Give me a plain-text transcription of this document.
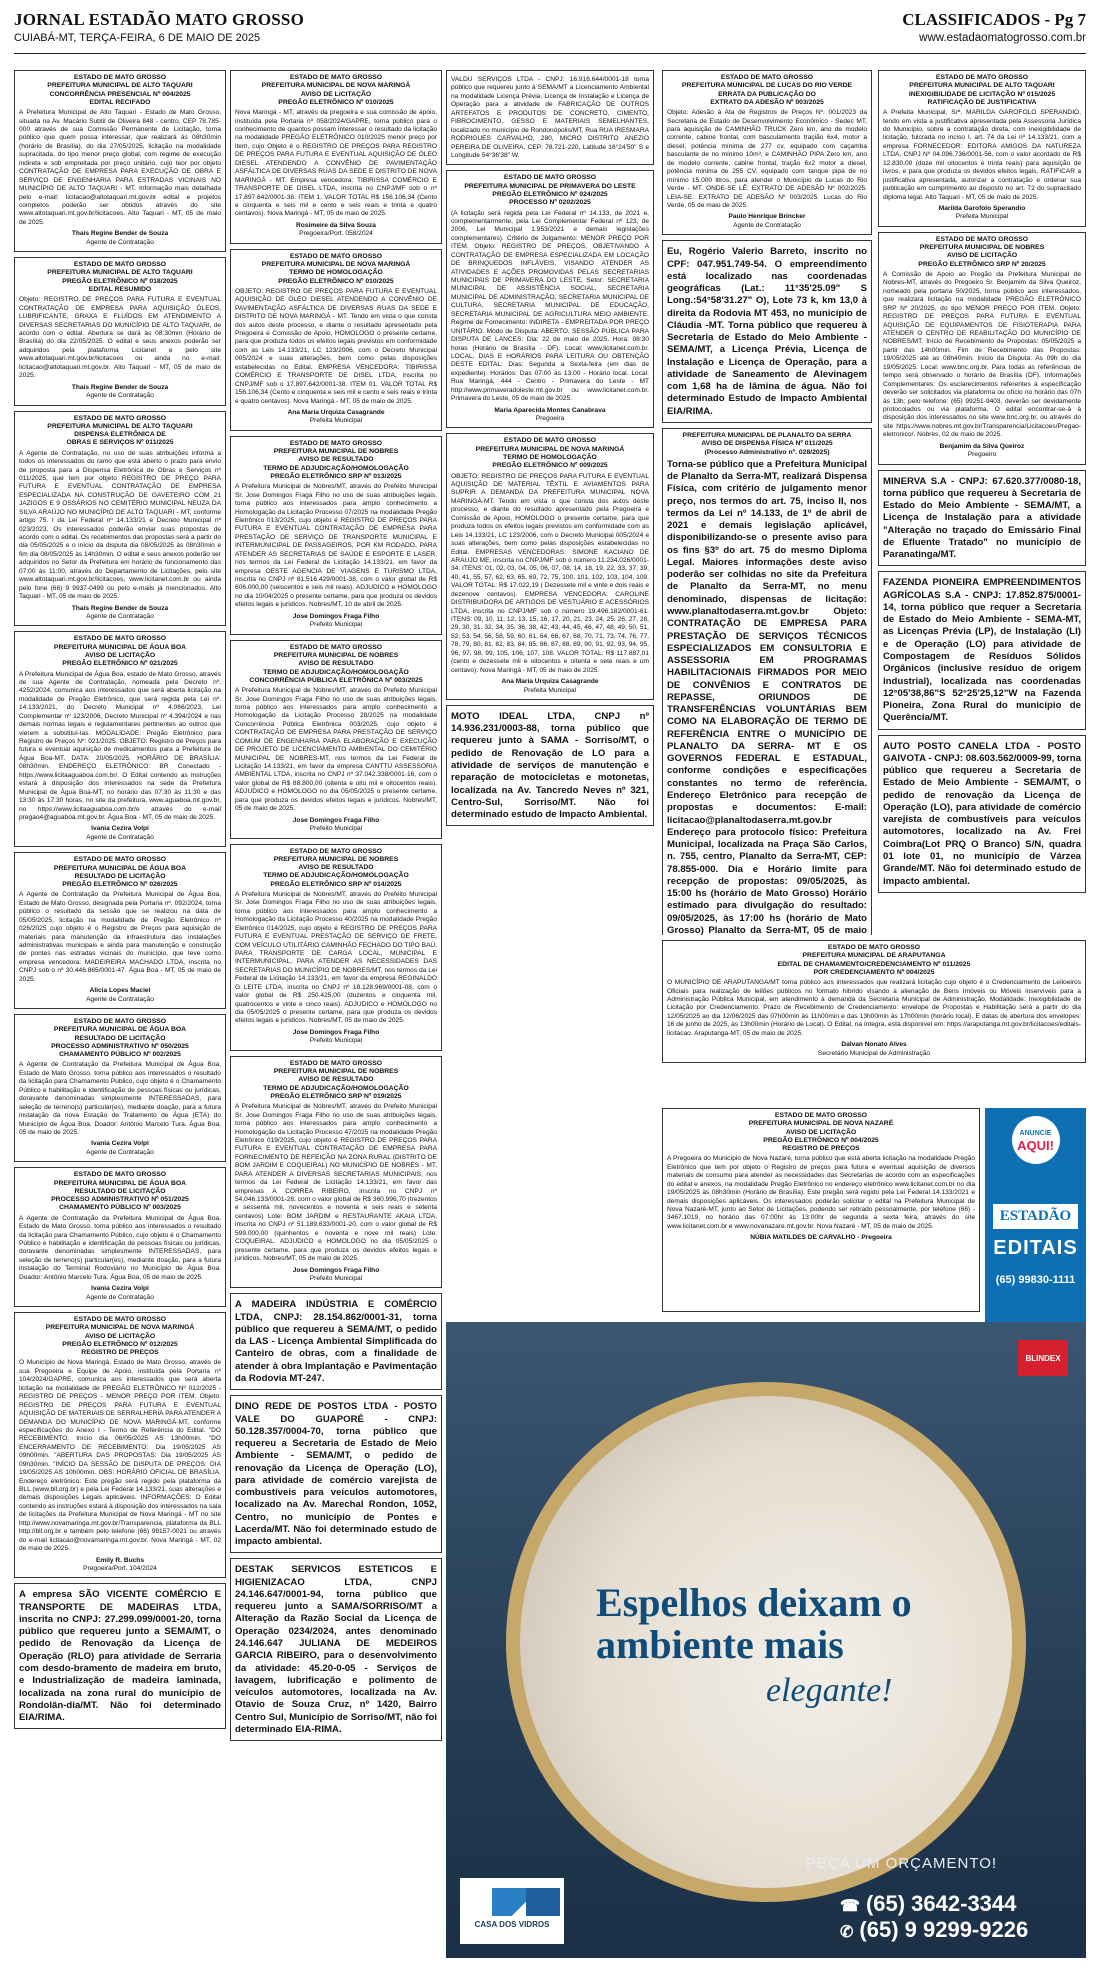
JORNAL ESTADÃO MATO GROSSO
CUIABÁ-MT, TERÇA-FEIRA, 6 DE MAIO DE 2025
CLASSIFICADOS - Pg 7
www.estadaomatogrosso.com.br
ESTADO DE MATO GROSSO
PREFEITURA MUNICIPAL DE ALTO TAQUARI
CONCORRÊNCIA PRESENCIAL Nº 004/2025
EDITAL RECIFADO
A Prefeitura Municipal de Alto Taquari - Estado de Mato Grosso, situada na Av. Macário Subtil de Oliveira 848 - centro, CEP 78.785-000 através de sua Comissão Permanente de Licitação, torna público que quem possa interessar, que realizará às 08h30min (horário de Brasília), do dia 27/05/2025, licitação na modalidade supracitada, do tipo menor preço global, com regime de execução indireta e sob empreitada por preço unitário, cujo teor por objeto CONTRATAÇÃO DE EMPRESA PARA EXECUÇÃO DE OBRA E SERVIÇO DE ENGENHARIA PARA ESTRADAS VICINAIS NO MUNICÍPIO DE ALTO TAQUARI - MT. Informação mais detalhada pelo e-mail: licitacao@altotaquari.mt.gov.br edital e projetos completos poderão ser obtidos através do site www.altotaquari.mt.gov.br/licitacoes. Alto Taquari - MT, 05 de maio de 2025.
Thaís Regine Bender de Souza
Agente de Contratação
ESTADO DE MATO GROSSO
PREFEITURA MUNICIPAL DE ALTO TAQUARI
PREGÃO ELETRÔNICO Nº 018/2025
EDITAL RESUMIDO
Objeto: REGISTRO DE PREÇOS PARA FUTURA E EVENTUAL CONTRATAÇÃO DE EMPRESA PARA AQUISIÇÃO ÓLEOS, LUBRIFICANTE, GRAXA E FLUÍDOS EM ATENDIMENTO A DIVERSAS SECRETARIAS DO MUNICÍPIO DE ALTO TAQUARI, de acordo com o edital. Abertura se dará às 08:30min (Horário de Brasília) do dia 22/05/2025. O edital e seus anexos poderão ser adquiridos pela plataforma Licitanet e pelo site www.altotaquari.mt.gov.br/licitacoes ou ainda no e-mail: licitacao@altotaquari.mt.gov.br. Alto Taquari - MT, 05 de maio de 2025.
Thaís Regine Bender de Souza
Agente de Contratação
ESTADO DE MATO GROSSO
PREFEITURA MUNICIPAL DE ALTO TAQUARI
DISPENSA ELETRÔNICA DE
OBRAS E SERVIÇOS Nº 011/2025
A Agente de Contratação, no uso de suas atribuições informa a todos os interessados do ramo que está aberto o prazo para envio de proposta para a Dispensa Eletrônica de Obras e Serviços nº 011/2025, que tem por objeto REGISTRO DE PREÇO PARA FUTURA E EVENTUAL CONTRATAÇÃO DE EMPRESA ESPECIALIZADA NA CONSTRUÇÃO DE GAVETEIRO COM 21 JAZIGOS E 9 OSSÁRIOS NO CEMITÉRIO MUNICIPAL NEUZA DA SILVA ARAÚJO NO MUNICÍPIO DE ALTO TAQUARI - MT, conforme artigo 75. I da Lei Federal nº 14.133/21 e Decreto Municipal nº 023/2023. Os interessados poderão enviar suas propostas de acordo com o edital. Os recebimentos das propostas será a partir do dia 05/05/2025 e o início da disputa dia 08/05/2025 às 08h30min e fim dia 08/05/2025 às 14h30min. O edital e seus anexos poderão ser adquiridos no Setor da Prefeitura em horário de funcionamento das 07:00 às 11:00, através do Departamento de Licitações, pelo site www.altotaquari.mt.gov.br/licitacoes, www.licitanet.com.br ou ainda pelo fone (66) 9 9937-0499 ou pelo e-mails já mencionados. Alto Taquari - MT, 05 de maio de 2025.
Thaís Regine Bender de Souza
Agente de Contratação
ESTADO DE MATO GROSSO
PREFEITURA MUNICIPAL DE ÁGUA BOA
AVISO DE LICITAÇÃO
PREGÃO ELETRÔNICO Nº 021/2025
A Prefeitura Municipal de Água Boa, estado de Mato Grosso, através de sua Agente de Contratação, nomeada pela Decreto nº. 4252/2024, comunica aos interessados que será aberta licitação na modalidade de Pregão Eletrônico, que será regida pela Lei nº. 14.133/2021, do Decreto Municipal nº 4.066/2023, Lei Complementar nº 123/2006, Decreto Municipal nº 4.394/2024 e nas demais normas legais e regulamentares pertinentes ao outros que vierem a substituí-las. MODALIDADE: Pregão Eletrônico para Registro de Preços Nº: 021/2025. OBJETO: Registro de Preços para futura e eventual aquisição de medicamentos para a Prefeitura de Água Boa-MT. DATA: 20/05/2025. HORÁRIO DE BRASÍLIA: 08h30min. ENDEREÇO ELETRÔNICO: BR Conectado - https://www.licitaaguaboa.com.br/. O Edital contendo as instruções estará à disposição dos interessados na sede da Prefeitura Municipal de Água Boa-MT, no horário das 07:30 às 11:30 e das 13:30 às 17:30 horas, no site da prefeitura, www.aguaboa.mt.gov.br, no https://www.licitaaguaboa.com.br/e através do e-mail pregao4@aguaboa.mt.gov.br. Água Boa - MT, 05 de maio de 2025.
Ivania Cezira Volpi
Agente de Contratação
ESTADO DE MATO GROSSO
PREFEITURA MUNICIPAL DE ÁGUA BOA
RESULTADO DE LICITAÇÃO
PREGÃO ELETRÔNICO Nº 026/2025
A Agente de Contratação da Prefeitura Municipal de Água Boa, Estado de Mato Grosso, designada pela Portaria nº. 092/2024, torna público o resultado da sessão que se realizou na data de 05/05/2025, licitação na modalidade de Pregão Eletrônico nº 026/2025 cujo objeto é o Registro de Preços para aquisição de materiais para manutenção da infraestrutura das instalações administrativas municipais e ainda para manutenção e construção de pontes nas estradas vicinais do município, que teve como empresa vencedora: MADEIREIRA MACHADO LTDA, inscrita no CNPJ sob o nº 30.446.865/0001-47. Água Boa - MT, 05 de maio de 2025.
Alicia Lopes Maciel
Agente de Contratação
ESTADO DE MATO GROSSO
PREFEITURA MUNICIPAL DE ÁGUA BOA
RESULTADO DE LICITAÇÃO
PROCESSO ADMINISTRATIVO Nº 050/2025
CHAMAMENTO PÚBLICO Nº 002/2025
A Agente de Contratação da Prefeitura Municipal de Água Boa, Estado de Mato Grosso, torna público aos interessados o resultado da licitação para Chamamento Público, cujo objeto é o Chamamento Público e habilitação e identificação de pessoas físicas ou jurídicas, doravante denominadas simplesmente INTERESSADAS, para seleção de terreno(s) particular(es), mediante doação, para a futura instalação da nova Estação de Tratamento de Água (ETA) do Município de Água Boa. Doador: Antônio Marcelo Tura. Água Boa, 05 de maio de 2025.
Ivania Cezira Volpi
Agente de Contratação
ESTADO DE MATO GROSSO
PREFEITURA MUNICIPAL DE ÁGUA BOA
RESULTADO DE LICITAÇÃO
PROCESSO ADMINISTRATIVO Nº 051/2025
CHAMAMENTO PÚBLICO Nº 003/2025
A Agente de Contratação da Prefeitura Municipal de Água Boa, Estado de Mato Grosso, torna público aos interessados o resultado da licitação para Chamamento Público, cujo objeto é o Chamamento Público e habilitação e identificação de pessoas físicas ou jurídicas, doravante denominadas simplesmente INTERESSADAS, para seleção de terreno(s) particular(es), mediante doação, para a futura instalação do Terminal Rodoviário no Município de Água Boa. Doador: Antônio Marcelo Tura. Água Boa, 05 de maio de 2025.
Ivania Cezira Volpi
Agente de Contratação
ESTADO DE MATO GROSSO
PREFEITURA MUNICIPAL DE NOVA MARINGÁ
AVISO DE LICITAÇÃO
PREGÃO ELETRÔNICO Nº 012/2025
REGISTRO DE PREÇOS
O Município de Nova Maringá, Estado de Mato Grosso, através de sua Pregoeira e Equipe de Apoio, instituída pela Portaria nº 104/2024/GAPRE, comunica aos interessados que será aberta licitação na modalidade de PREGÃO ELETRÔNICO Nº 012/2025 - REGISTRO DE PREÇOS - MENOR PREÇO POR ITEM. Objeto: REGISTRO DE PREÇOS PARA FUTURA E EVENTUAL AQUISIÇÃO DE MATERIAIS DE SERRALHERIA PARA ATENDER A DEMANDA DO MUNICÍPIO DE NOVA MARINGÁ-MT, conforme especificações do Anexo I - Termo de Referência do Edital. "DO RECEBIMENTO: Início dia 06/05/2025 AS 13h00min. "DO ENCERRAMENTO DE RECEBIMENTO: Dia 19/05/2025 AS 09h00min. "ABERTURA DAS PROPOSTAS: Dia 19/05/2025 AS 09h30min. "INÍCIO DA SESSÃO DE DISPUTA DE PREÇOS: DIA 19/05/2025 AS 10h00min. OBS: HORÁRIO OFICIAL DE BRASÍLIA. Endereço eletrônico: Este pregão será regido pela plataforma da BLL (www.bll.org.br) e pela Lei Federal 14.133/21, suas alterações e demais disposições Legais aplicáveis. INFORMAÇÕES: O Edital contendo as instruções estará à disposição dos interessados na sala de licitações da Prefeitura Municipal de Nova Maringá - MT no site http://www.novamaringa.mt.gov.br/Transparencia, plataforma da BLL http://bll.org.br e também pelo telefone (66) 98157-0021 ou através do e-mail licitacao@novamaringa.mt.gov.br. Nova Maringá - MT, 02 de maio de 2025.
Emily R. Buchs
Pregoeira/Port. 104/2024
A empresa SÃO VICENTE COMÉRCIO E TRANSPORTE DE MADEIRAS LTDA, inscrita no CNPJ: 27.299.099/0001-20, torna público que requereu junto a SEMA/MT, o pedido de Renovação da Licença de Operação (RLO) para atividade de Serraria com desdo-bramento de madeira em bruto, e Industrialização de madeira laminada, localizada na zona rural do município de Rondolân-dia/MT. Não foi determinado EIA/RIMA.
ESTADO DE MATO GROSSO
PREFEITURA MUNICIPAL DE NOVA MARINGÁ
AVISO DE LICITAÇÃO
PREGÃO ELETRÔNICO Nº 010/2025
Nova Maringá - MT, através da pregoeira e sua comissão de apoio, instituída pela Portaria nº 058/2024/GAPRE, torna público para o conhecimento de quantos possam interessar o resultado da licitação na modalidade PREGÃO ELETRÔNICO 010/2025 menor preço por item, cujo Objeto é o REGISTRO DE PREÇOS PARA REGISTRO DE PREÇOS PARA FUTURA E EVENTUAL AQUISIÇÃO DE ÓLEO DIESEL ATENDENDO A CONVÊNIO DE PAVIMENTAÇÃO ASFÁLTICA DE DIVERSAS RUAS DA SEDE E DISTRITO DE NOVA MARINGÁ - MT. Empresa vencedora: TIBIRISSA COMÉRCIO E TRANSPORTE DE DISEL LTDA, inscrita no CNPJ/MF sob o nº 17.897.642/0001-38. ITEM 1. VALOR TOTAL R$ 156.106,34 (Cento e cinquenta e seis mil e cento e seis reais e trinta e quatro centavos). Nova Maringá - MT, 05 de maio de 2025.
Rosimeire da Silva Souza
Pregoeira/Port. 058/2024
ESTADO DE MATO GROSSO
PREFEITURA MUNICIPAL DE NOVA MARINGÁ
TERMO DE HOMOLOGAÇÃO
PREGÃO ELETRÔNICO Nº 010/2025
OBJETO: REGISTRO DE PREÇOS PARA FUTURA E EVENTUAL AQUISIÇÃO DE ÓLEO DIESEL ATENDENDO A CONVÊNIO DE PAVIMENTAÇÃO ASFÁLTICA DE DIVERSAS RUAS DA SEDE E DISTRITO DE NOVA MARINGÁ - MT. Tendo em vista o que consta dos autos deste processo, e diante o resultado apresentado pela Pregoeira e Comissão de Apoio, HOMOLOGO o presente certame, para que produza todos os efeitos legais previstos em conformidade com as Leis 14.133/21, LC 123/2006, com o Decreto Municipal 005/2024 e suas alterações, bem como pelas disposições estabelecidas no Edital. EMPRESA VENCEDORA: TIBIRISSA COMÉRCIO E TRANSPORTE DE DISEL LTDA, inscrita no CNPJ/MF sob o 17.897.642/0001-38. ITEM 01. VALOR TOTAL R$ 156.106,34 (Cento e cinquenta e seis mil e cento e seis reais e trinta e quatro centavos). Nova Maringá - MT, 05 de maio de 2025.
Ana Maria Urquiza Casagrande
Prefeita Municipal
ESTADO DE MATO GROSSO
PREFEITURA MUNICIPAL DE NOBRES
AVISO DE RESULTADO
TERMO DE ADJUDICAÇÃO/HOMOLOGAÇÃO
PREGÃO ELETRÔNICO SRP Nº 013/2025
A Prefeitura Municipal de Nobres/MT, através do Prefeito Municipal Sr. Jose Domingos Fraga Filho no uso de suas atribuições legais, torna público aos interessados para amplo conhecimento a Homologação da Licitação Processo 07/2025 na modalidade Pregão Eletrônico 013/2025, cujo objeto é REGISTRO DE PREÇOS PARA FUTURA E EVENTUAL CONTRATAÇÃO DE EMPRESA PARA PRESTAÇÃO DE SERVIÇO DE TRANSPORTE MUNICIPAL E INTERMUNICIPAL DE PASSAGEIROS, POR KM RODADO, PARA ATENDER AS SECRETARIAS DE SAÚDE E ESPORTE E LASER, nos termos da Lei Federal de Licitação 14.133/21, em favor da empresa OESTE AGENCIA DE VIAGENS E TURISMO LTDA, inscrita no CNPJ nº 81.516.429/0001-38, com o valor global de R$ 606.000,00 (seiscentos e seis mil reais). ADJUDICO e HOMOLOGO no dia 10/04/2025 o presente certame, para que produza os devidos efeitos legais e jurídicos. Nobres/MT, 10 de abril de 2025.
Jose Domingos Fraga Filho
Prefeito Municipal
ESTADO DE MATO GROSSO
PREFEITURA MUNICIPAL DE NOBRES
AVISO DE RESULTADO
TERMO DE ADJUDICAÇÃO/HOMOLOGAÇÃO
CONCORRÊNCIA PÚBLICA ELETRÔNICA Nº 003/2025
A Prefeitura Municipal de Nobres/MT, através do Prefeito Municipal Sr. Jose Domingos Fraga Filho no uso de suas atribuições legais, torna público aos interessados para amplo conhecimento a Homologação da Licitação Processo 28/2025 na modalidade Concorrência Pública Eletrônica 003/2025, cujo objeto é CONTRATAÇÃO DE EMPRESA PARA PRESTAÇÃO DE SERVIÇO COMUM DE ENGENHARIA PARA ELABORAÇÃO E EXECUÇÃO DE PROJETO DE LICENCIAMENTO AMBIENTAL DO CEMITÉRIO MUNICIPAL DE NOBRES-MT, nos termos da Lei Federal de Licitação 14.133/21, em favor da empresa CANTTU ASSESSORIA AMBIENTAL LTDA, inscrita no CNPJ nº 37.042.338/0001-16, com o valor global de R$ 88.800,00 (oitenta e oito mil e oitocentos reais). ADJUDICO e HOMOLOGO no dia 05/05/2025 o presente certame, para que produza os devidos efeitos legais e jurídicos. Nobres/MT, 05 de maio de 2025.
Jose Domingos Fraga Filho
Prefeito Municipal
ESTADO DE MATO GROSSO
PREFEITURA MUNICIPAL DE NOBRES
AVISO DE RESULTADO
TERMO DE ADJUDICAÇÃO/HOMOLOGAÇÃO
PREGÃO ELETRÔNICO SRP Nº 014/2025
A Prefeitura Municipal de Nobres/MT, através do Prefeito Municipal Sr. Jose Domingos Fraga Filho no uso de suas atribuições legais, torna público aos interessados para amplo conhecimento a Homologação da Licitação Processo 40/2025 na modalidade Pregão Eletrônico 014/2025, cujo objeto é REGISTRO DE PREÇOS PARA FUTURA E EVENTUAL PRESTAÇÃO DE SERVIÇO DE FRETE, COM VEÍCULO UTILITÁRIO CAMINHÃO FECHADO DO TIPO BAÚ, PARA TRANSPORTE DE CARGA LOCAL, MUNICIPAL E INTERMUNICIPAL, PARA ATENDER AS NECESSIDADES DAS SECRETARIAS DO MUNICÍPIO DE NOBRES/MT, nos termos da Lei Federal de Licitação 14.133/21, em favor da empresa REGINALDO G LEITE LTDA, inscrita no CNPJ nº 18.128.969/0001-08, com o valor global de R$ 250.425,00 (duzentos e cinquenta mil, quatrocentos e vinte e cinco reais). ADJUDICO e HOMOLOGO no dia 05/05/2025 o presente certame, para que produza os devidos efeitos legais e jurídicos. Nobres/MT, 05 de maio de 2025.
Jose Domingos Fraga Filho
Prefeito Municipal
ESTADO DE MATO GROSSO
PREFEITURA MUNICIPAL DE NOBRES
AVISO DE RESULTADO
TERMO DE ADJUDICAÇÃO/HOMOLOGAÇÃO
PREGÃO ELETRÔNICO SRP Nº 019/2025
A Prefeitura Municipal de Nobres/MT, através do Prefeito Municipal Sr. Jose Domingos Fraga Filho no uso de suas atribuições legais, torna público aos interessados para amplo conhecimento a Homologação da Licitação Processo 47/2025 na modalidade Pregão Eletrônico 019/2025, cujo objeto é REGISTRO DE PREÇOS PARA FUTURA E EVENTUAL CONTRATAÇÃO DE EMPRESA PARA FORNECIMENTO DE REFEIÇÃO NA ZONA RURAL (DISTRITO DE BOM JARDIM E COQUEIRAL) NO MUNICÍPIO DE NOBRES - MT, PARA ATENDER A DIVERSAS SECRETARIAS MUNICIPAIS, nos termos da Lei Federal de Licitação 14.133/21, em favor das empresas A CORREA RIBEIRO, inscrita no CNPJ nº 54.046.133/0001-28, com o valor global de R$ 360.996,70 (trezentos e sessenta mil, novecentos e noventa e seis reais e setenta centavos) Lote: BOM JARDIM e RESTAURANTE AKAIA LTDA, inscrita no CNPJ nº 51.189.633/0001-20, com o valor global de R$ 599.000,00 (quinhentos e noventa e nove mil reais) Lote: COQUEIRAL. ADJUDICO e HOMOLOGO no dia 05/05/2025 o presente certame, para que produza os devidos efeitos legais e jurídicos. Nobres/MT, 05 de maio de 2025.
Jose Domingos Fraga Filho
Prefeito Municipal
A MADEIRA INDÚSTRIA E COMÉRCIO LTDA, CNPJ: 28.154.862/0001-31, torna público que requereu à SEMA/MT, o pedido da LAS - Licença Ambiental Simplificada do Canteiro de obras, com a finalidade de atender à obra Implantação e Pavimentação da Rodovia MT-247.
DINO REDE DE POSTOS LTDA - POSTO VALE DO GUAPORÉ - CNPJ: 50.128.357/0004-70, torna público que requereu a Secretaria de Estado de Meio Ambiente - SEMA/MT, o pedido de renovação da Licença de Operação (LO), para atividade de comércio varejista de combustíveis para veículos automotores, localizado na Av. Marechal Rondon, 1052, Centro, no município de Pontes e Lacerda/MT. Não foi determinado estudo de impacto ambiental.
DESTAK SERVICOS ESTETICOS E HIGIENIZACAO LTDA, CNPJ 24.146.647/0001-94, torna público que requereu junto a SAMA/SORRISO/MT a Alteração da Razão Social da Licença de Operação 0234/2024, antes denominado 24.146.647 JULIANA DE MEDEIROS GARCIA RIBEIRO, para o desenvolvimento da atividade: 45.20-0-05 - Serviços de lavagem, lubrificação e polimento de veículos automotores, localizada na Av. Otavio de Souza Cruz, nº 1420, Bairro Centro Sul, Município de Sorriso/MT, não foi determinado EIA-RIMA.
VALDU SERVIÇOS LTDA - CNPJ: 16.916.644/0001-18 torna público que requereu junto à SEMA/MT a Licenciamento Ambiental na modalidade Licença Prévia, Licença de Instalação e Licença de Operação para a atividade de FABRICAÇÃO DE OUTROS ARTEFATOS E PRODUTOS DE CONCRETO, CIMENTO, FIBROCIMENTO, GESSO E MATERIAIS SEMELHANTES, localizado no município de Rondonópolis/MT, Rua RUA IRESMARA RODRIGUES CARVALHO, 280, MICRO DISTRITO ANEZIO PEREIRA DE OLIVEIRA, CEP: 78.721-220, Latitude 16°24'50" S e Longitude 54°36'38" W.
ESTADO DE MATO GROSSO
PREFEITURA MUNICIPAL DE PRIMAVERA DO LESTE
PREGÃO ELETRÔNICO Nº 024/2025
PROCESSO Nº 0202/2025
(A licitação será regida pela Lei Federal nº 14.133, de 2021 e, complementarmente, pela Lei Complementar Federal nº 123, de 2006, Lei Municipal 1.953/2021 e demais legislações complementares). Critério de Julgamento: MENOR PREÇO POR ITEM. Objeto: REGISTRO DE PREÇOS, OBJETIVANDO A CONTRATAÇÃO DE EMPRESA ESPECIALIZADA EM LOCAÇÃO DE BRINQUEDOS INFLÁVEIS, VISANDO ATENDER AS ATIVIDADES E AÇÕES PROMOVIDAS PELAS SECRETARIAS MUNICIPAIS DE PRIMAVERA DO LESTE, Setor: SECRETARIA MUNICIPAL DE ASSISTÊNCIA SOCIAL, SECRETARIA MUNICIPAL DE ADMINISTRAÇÃO, SECRETARIA MUNICIPAL DE CULTURA, SECRETARIA MUNICIPAL DE EDUCAÇÃO, SECRETARIA MUNICIPAL DE AGRICULTURA MEIO AMBIENTE. Regime de Fornecimento: INDIRETA - EMPREITADA POR PREÇO UNITÁRIO. Modo de Disputa: ABERTO. SESSÃO PÚBLICA PARA DISPUTA DE LANCES: Dia: 22 de maio de 2025. Hora: 08:30 horas (Horário de Brasília - DF). Local: www.licitanet.com.br. LOCAL, DIAS E HORÁRIOS PARA LEITURA OU OBTENÇÃO DESTE EDITAL: Dias: Segunda a Sexta-feira (em dias de expediente). Horários: Das 07:00 às 13:00 - Horário local. Local: Rua Maringá, 444 - Centro - Primavera do Leste - MT http://www.primaveradoleste.mt.gov.br ou www.licitanet.com.br. Primavera do Leste, 05 de maio de 2025.
Maria Aparecida Montes Canabrava
Pregoeira
ESTADO DE MATO GROSSO
PREFEITURA MUNICIPAL DE NOVA MARINGÁ
TERMO DE HOMOLOGAÇÃO
PREGÃO ELETRÔNICO Nº 009/2025
OBJETO: REGISTRO DE PREÇOS PARA FUTURA E EVENTUAL AQUISIÇÃO DE MATERIAL TÊXTIL E AVIAMENTOS PARA SUPRIR A DEMANDA DA PREFEITURA MUNICIPAL NOVA MARINGÁ-MT. Tendo em vista o que consta dos autos deste processo, e diante do resultado apresentado pela Pregoeira e Comissão de Apoio, HOMOLOGO o presente certame, para que produza todos os efeitos legais previstos em conformidade com as Leis 14.133/21, LC 123/2006, com o Decreto Municipal 005/2024 e suas alterações, bem como pelas disposições estabelecidas no Edital. EMPRESAS VENCEDORAS: SIMONE KACIANO DE ARAUJO ME, inscrita no CNPJ/MF sob o número 11.234.026/0001-34. ITENS: 01, 02, 03, 04, 05, 06, 07, 08, 14, 18, 19, 22, 33, 37, 39, 40, 41, 55, 57, 62, 63, 65, 69, 72, 75, 100, 101, 102, 103, 104, 109. VALOR TOTAL: R$ 17.022,19 ( Dezessete mil e vinte e dois reais e dezenove centavos). EMPRESA VENCEDORA: CAROLINE DISTRIBUIDORA DE ARTIGOS DE VESTUÁRIO E ACESSÓRIOS LTDA, inscrita no CNPJ/MF sob o número 19.496.182/0001-61. ITENS: 09, 10, 11, 12, 13, 15, 16, 17, 20, 21, 23, 24, 25, 26, 27, 28, 29, 30, 31, 32, 34, 35, 36, 38, 42, 43, 44, 45, 46, 47, 48, 49, 50, 51, 52, 53, 54, 56, 58, 59, 60, 61, 64, 66, 67, 68, 70, 71, 73, 74, 76, 77, 78, 79, 80, 81, 82, 83, 84, 85, 86, 87, 88, 89, 90, 91, 92, 93, 94, 95, 96, 97, 98, 99, 105, 106, 107, 108. VALOR TOTAL: R$ 117.887,01 (cento e dezessete mil e oitocentos e oitenta e sete reais e um centavo). Nova Maringá - MT, 05 de maio de 2025.
Ana Maria Urquiza Casagrande
Prefeita Municipal
MOTO IDEAL LTDA, CNPJ nº 14.936.231/0003-88, torna público que requereu junto à SAMA - Sorriso/MT, o pedido de Renovação de LO para a atividade de serviços de manutenção e reparação de motocicletas e motonetas, localizada na Av. Tancredo Neves nº 321, Centro-Sul, Sorriso/MT. Não foi determinado estudo de Impacto Ambiental.
ESTADO DE MATO GROSSO
PREFEITURA MUNICIPAL DE LUCAS DO RIO VERDE
ERRATA DA PUBLICAÇÃO DO
EXTRATO DA ADESÃO Nº 003/2025
Objeto: Adesão à Ata de Registros de Preços Nº. 001/2023 da Secretaria de Estado de Desenvolvimento Econômico - Sedec MT, para aquisição de CAMINHÃO TRUCK Zero km, ano de modelo corrente, cabine frontal, com basculamento traçião 6x4, motor a diesel, potência mínima de 277 cv, equipado com caçamba basculante de no mínimo 10m³, e CAMINHÃO PIPA Zero km, ano de modelo corrente, cabine frontal, tração 6x2 motor a diesel, potência mínima de 255 CV, equipado com tanque pipa de no mínimo 15.000 litros, para atender o Município de Lucas do Rio Verde - MT. ONDE-SE LÊ: EXTRATO DE ADESÃO Nº 002/2025. LEIA-SE: EXTRATO DE ADESÃO Nº 003/2025. Lucas do Rio Verde, 05 de maio de 2025.
Paulo Henrique Brincker
Agente de Contratação
Eu, Rogério Valerio Barreto, inscrito no CPF: 047.951.749-54. O empreendimento está localizado nas coordenadas geográficas (Lat.: 11°35'25.09" S Long.:54°58'31.27" O), Lote 73 k, km 13,0 à direita da Rodovia MT 453, no município de Cláudia -MT. Torna público que requereu à Secretaria de Estado do Meio Ambiente - SEMA/MT, a Licença Prévia, Licença de Instalação e Licença de Operação, para a atividade de Saneamento de Alevinagem com 1,68 ha de lâmina de água. Não foi determinado Estudo de Impacto Ambiental EIA/RIMA.
PREFEITURA MUNICIPAL DE PLANALTO DA SERRA
AVISO DE DISPENSA FÍSICA Nº 011/2025
(Processo Administrativo nº. 028/2025)
Torna-se público que a Prefeitura Municipal de Planalto da Serra-MT, realizará Dispensa Física, com critério de julgamento menor preço, nos termos do art. 75, inciso II, nos termos da Lei nº 14.133, de 1º de abril de 2021 e demais legislação aplicável, disponibilizando-se o presente aviso para os fins §3º do art. 75 do mesmo Diploma Legal. Maiores informações deste aviso poderão ser colhidas no site da Prefeitura de Planalto da Serra-MT, no menu denominado, dispensas de licitação: www.planaltodaserra.mt.gov.br Objeto: CONTRATAÇÃO DE EMPRESA PARA PRESTAÇÃO DE SERVIÇOS TÉCNICOS ESPECIALIZADOS EM CONSULTORIA E ASSESSORIA EM PROGRAMAS HABILITACIONAIS FIRMADOS POR MEIO DE CONVÊNIOS E CONTRATOS DE REPASSE, ORIUNDOS DE TRANSFERÊNCIAS VOLUNTÁRIAS BEM COMO NA ELABORAÇÃO DE TERMO DE REFERÊNCIA ENTRE O MUNICÍPIO DE PLANALTO DA SERRA- MT E OS GOVERNOS FEDERAL E ESTADUAL, conforme condições e especificações constantes no termo de referência. Endereço Eletrônico para recepção de propostas e documentos: E-mail: licitacao@planaltodaserra.mt.gov.br Endereço para protocolo físico: Prefeitura Municipal, localizada na Praça São Carlos, n. 755, centro, Planalto da Serra-MT, CEP: 78.855-000. Dia e Horário limite para recepção de propostas: 09/05/2025, às 15:00 hs (horário de Mato Grosso) Horário estimado para divulgação do resultado: 09/05/2025, às 17:00 hs (horário de Mato Grosso) Planalto da Serra-MT, 05 de maio

ESTADO DE MATO GROSSO
PREFEITURA MUNICIPAL DE ALTO TAQUARI
INEXIGIBILIDADE DE LICITAÇÃO Nº 015/2025
RATIFICAÇÃO DE JUSTIFICATIVA
A Prefeita Municipal, Srª. MARILDA GAROFOLO SPERANDIO, tendo em vista a justificativa apresentada pela Assessoria Jurídica do Município, sobre a contratação direta, com inexigibilidade de licitação, fulcrada no inciso I, art. 74 da Lei nº 14.133/21, com a empresa FORNECEDOR: EDITORA AMIGOS DA NATUREZA LTDA, CNPJ Nº 04.096.736/0001-56, com o valor acordado de R$ 12.830,00 (doze mil oitocentos e trinta reais) para aquisição de livros, e para que produza os devidos efeitos legais, RATIFICAR a justificativa apresentada, autorizar a contratação e ordenar sua publicação em cumprimento ao disposto no art. 72 do supracitado diploma legal. Alto Taquari - MT, 05 de maio de 2025.
Marilda Garofolo Sperandio
Prefeita Municipal
ESTADO DE MATO GROSSO
PREFEITURA MUNICIPAL DE NOBRES
AVISO DE LICITAÇÃO
PREGÃO ELETRÔNICO SRP Nº 20/2025
A Comissão de Apoio ao Pregão da Prefeitura Municipal de Nobres-MT, através do Pregoeiro Sr. Benjamim da Silva Queiroz, nomeado pela portaria 50/2025, torna público aos interessados, que realizará licitação na modalidade PREGÃO ELETRÔNICO SRP Nº 20/2025, do tipo MENOR PREÇO POR ITEM. Objeto: REGISTRO DE PREÇOS PARA FUTURA E EVENTUAL AQUISIÇÃO DE EQUIPAMENTOS DE FISIOTERAPIA PARA ATENDER O CENTRO DE REABILITAÇÃO DO MUNICÍPIO DE NOBRES/MT. Início de Recebimento de Propostas: 05/05/2025 a partir das 14h00min. Fim de Recebimento das Propostas: 19/05/2025 até as 08h40min. Início da Disputa: As 09h do dia 19/05/2025. Local: www.bnc.org.br. Para todas as referências de tempo será observado o horário de Brasília (DF). Informações Complementares: Os esclarecimentos referentes à especificação deverão ser solicitados via plataforma ou ofício no horário das 07h às 13h; pelo telefone: (65) 99251-9403, deverão ser devidamente protocolados ou via plataforma. O edital encontrar-se-á à disposição dos interessados no site www.bnc.org.br, ou através do site https://www.nobres.mt.gov.br/Transparencia/Licitacoes/Pregao-eletronico/. Nobres, 02 de maio de 2025.
Benjamim da Silva Queiroz
Pregoeiro
MINERVA S.A - CNPJ: 67.620.377/0080-18, torna público que requereu à Secretaria de Estado do Meio Ambiente - SEMA/MT, a Licença de Instalação para a atividade "Alteração no traçado do Emissário Final de Efluente Tratado" no município de Paranatinga/MT.
FAZENDA PIONEIRA EMPREENDIMENTOS AGRÍCOLAS S.A - CNPJ: 17.852.875/0001-14, torna público que requer a Secretaria de Estado do Meio Ambiente - SEMA-MT, as Licenças Prévia (LP), de Instalação (LI) e de Operação (LO) para atividade de Compostagem de Resíduos Sólidos Orgânicos (inclusive resíduo de origem industrial), localizada nas coordenadas 12°05'38,86"S 52°25'25,12"W na Fazenda Pioneira, Zona Rural do município de Querência/MT.
AUTO POSTO CANELA LTDA - POSTO GAIVOTA - CNPJ: 08.603.562/0009-99, torna público que requereu a Secretaria de Estado de Meio Ambiente - SEMA/MT, o pedido de renovação da Licença de Operação (LO), para atividade de comércio varejista de combustíveis para veículos automotores, localizado na Av. Frei Coimbra(Lot PRQ O Branco) S/N, quadra 01 lote 01, no município de Várzea Grande/MT. Não foi determinado estudo de impacto ambiental.
ANUNCIE
AQUI!
ESTADÃO
EDITAIS
(65) 99830-1111
BLINDEX
Espelhos deixam o ambiente mais
elegante!
CASA DOS VIDROS
PEÇA UM ORÇAMENTO!
☎ (65) 3642-3344
✆ (65) 9 9299-9226
ESTADO DE MATO GROSSO
PREFEITURA MUNICIPAL DE ARAPUTANGA
EDITAL DE CHAMAMENTO/CREDENCIAMENTO Nº 011/2025
POR CREDENCIAMENTO Nº 004/2025
O MUNICÍPIO DE ARAPUTANGA/MT torna público aos interessados que realizará licitação cujo objeto é o Credenciamento de Leiloeiros Oficiais para realização de leilões públicos no formato híbrido visando a alienação de Bens Imóveis ou Móveis inservíveis para a Administração Pública Municipal, em atendimento à demanda da Secretaria Municipal de Administração. Modalidade: Inexigibilidade de Licitação por Credenciamento. Prazo de Recebimento de Credenciamento: envelope de Propostas e Habilitação será a partir do dia 12/05/2025 ao dia 12/06/2025 das 07h00min às 11h00min e das 13h00min às 17h00min (horário local). E datas de abertura dos envelopes: 16 de junho de 2025, às 13h00min (Horário de Local). O Edital, na íntegra, está disponível em: https://araputanga.mt.gov.br/licitacoes/editais-licitacao. Araputanga-MT, 05 de maio de 2025.
Dalvan Nonato Alves
Secretário Municipal de Administração
ESTADO DE MATO GROSSO
PREFEITURA MUNICIPAL DE NOVA NAZARÉ
AVISO DE LICITAÇÃO
PREGÃO ELETRÔNICO Nº 004/2025
REGISTRO DE PREÇOS
A Pregoeira do Município de Nova Nazaré, torna público que está aberta licitação na modalidade Pregão Eletrônico que tem por objeto o Registro de preços para futura e eventual aquisição de diversos materiais de consumo para atender as necessidades das Secretarias de acordo com as especificações do edital e anexos, na modalidade Pregão Eletrônico no endereço eletrônico www.licitanet.com.br no dia 19/05/2025 às 08h30min (Horário de Brasília). Este pregão será regido pela Lei Federal 14.133/2021 e demais disposições aplicáveis. Os interessados poderão solicitar o edital na Prefeitura Municipal de Nova Nazaré-MT, junto ao Setor de Licitações, podendo ser retirado pessoalmente, por telefone (66) - 3467.1019, no horário das 07:00hr às 13:00hr de segunda a sexta feira, através do site www.licitanet.com.br e www.novanazare.mt.gov.br. Nova Nazaré - MT, 05 de maio de 2025.
NÚBIA MATILDES DE CARVALHO - Pregoeira
